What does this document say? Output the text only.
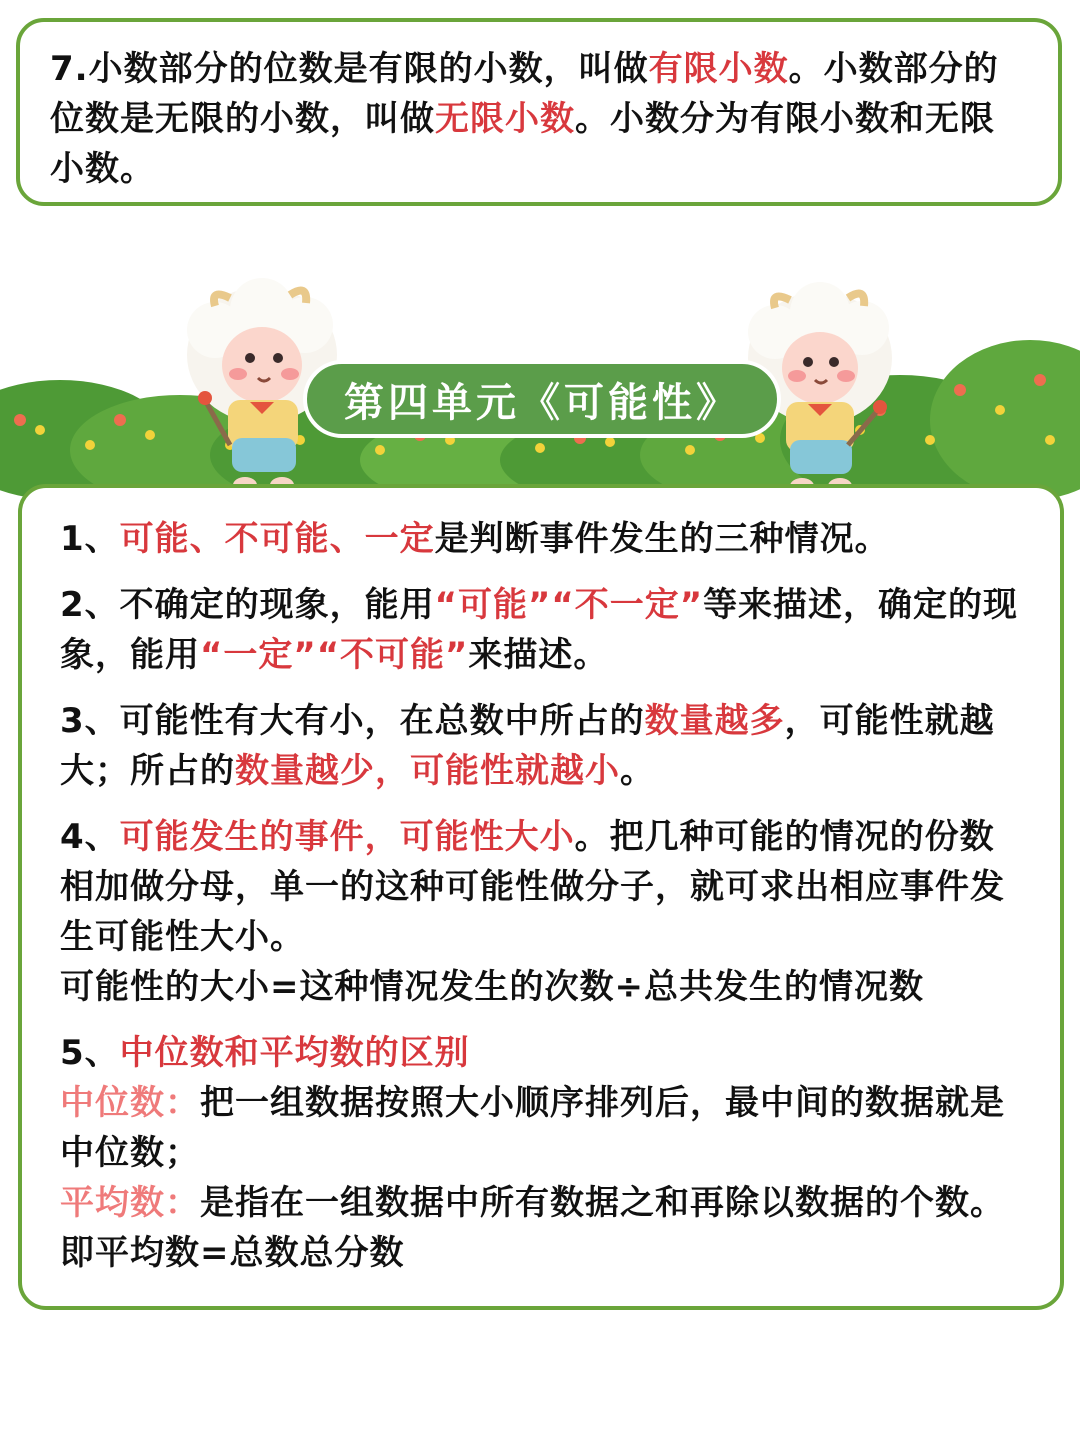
7.小数部分的位数是有限的小数，叫做有限小数。小数部分的位数是无限的小数，叫做无限小数。小数分为有限小数和无限小数。

第四单元《可能性》

1、可能、不可能、一定是判断事件发生的三种情况。

2、不确定的现象，能用“可能”“不一定”等来描述，确定的现象，能用“一定”“不可能”来描述。

3、可能性有大有小，在总数中所占的数量越多，可能性就越大；所占的数量越少，可能性就越小。

4、可能发生的事件，可能性大小。把几种可能的情况的份数相加做分母，单一的这种可能性做分子，就可求出相应事件发生可能性大小。

可能性的大小=这种情况发生的次数÷总共发生的情况数

5、中位数和平均数的区别

中位数：把一组数据按照大小顺序排列后，最中间的数据就是中位数；

平均数：是指在一组数据中所有数据之和再除以数据的个数。

即平均数=总数总分数
